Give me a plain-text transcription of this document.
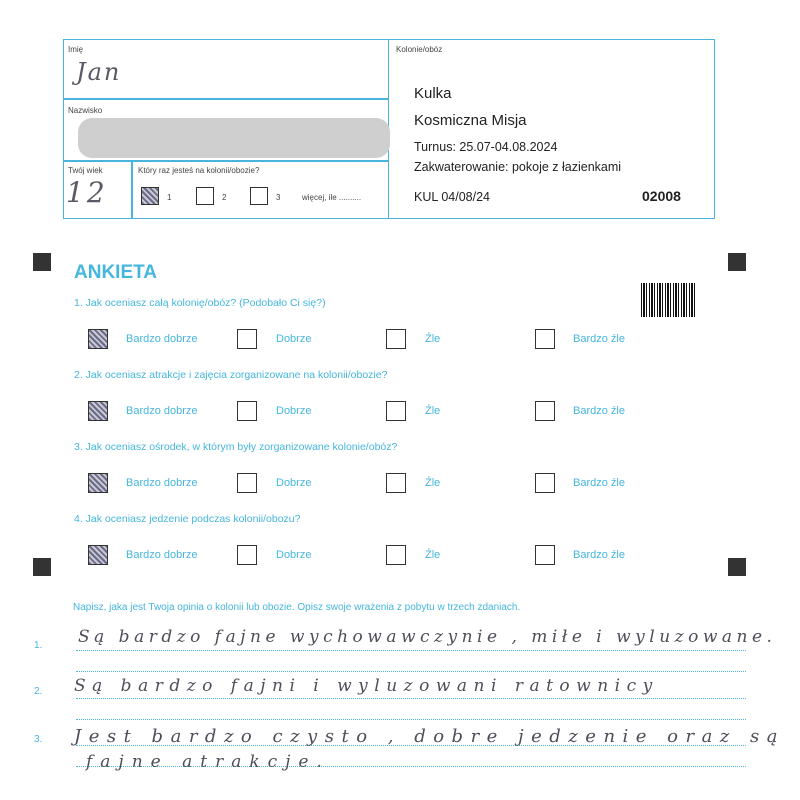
Imię
Jan
Nazwisko
Twój wiek
12
Który raz jesteś na kolonii/obozie?
1	2	3	więcej, ile ..........
Kolonie/obóz
Kulka
Kosmiczna Misja
Turnus: 25.07-04.08.2024
Zakwaterowanie: pokoje z łazienkami
KUL 04/08/24	02008
ANKIETA
1. Jak oceniasz całą kolonię/obóz? (Podobało Ci się?)
Bardzo dobrze	Dobrze	Źle	Bardzo źle
2. Jak oceniasz atrakcje i zajęcia zorganizowane na kolonii/obozie?
Bardzo dobrze	Dobrze	Źle	Bardzo źle
3. Jak oceniasz ośrodek, w którym były zorganizowane kolonie/obóz?
Bardzo dobrze	Dobrze	Źle	Bardzo źle
4. Jak oceniasz jedzenie podczas kolonii/obozu?
Bardzo dobrze	Dobrze	Źle	Bardzo źle
Napisz, jaka jest Twoja opinia o kolonii lub obozie. Opisz swoje wrażenia z pobytu w trzech zdaniach.
1.
2.
3.
Są bardzo fajne wychowawczynie , miłe i wyluzowane.
Są bardzo fajni i wyluzowani ratownicy
Jest bardzo czysto , dobre jedzenie oraz są
fajne atrakcje.
